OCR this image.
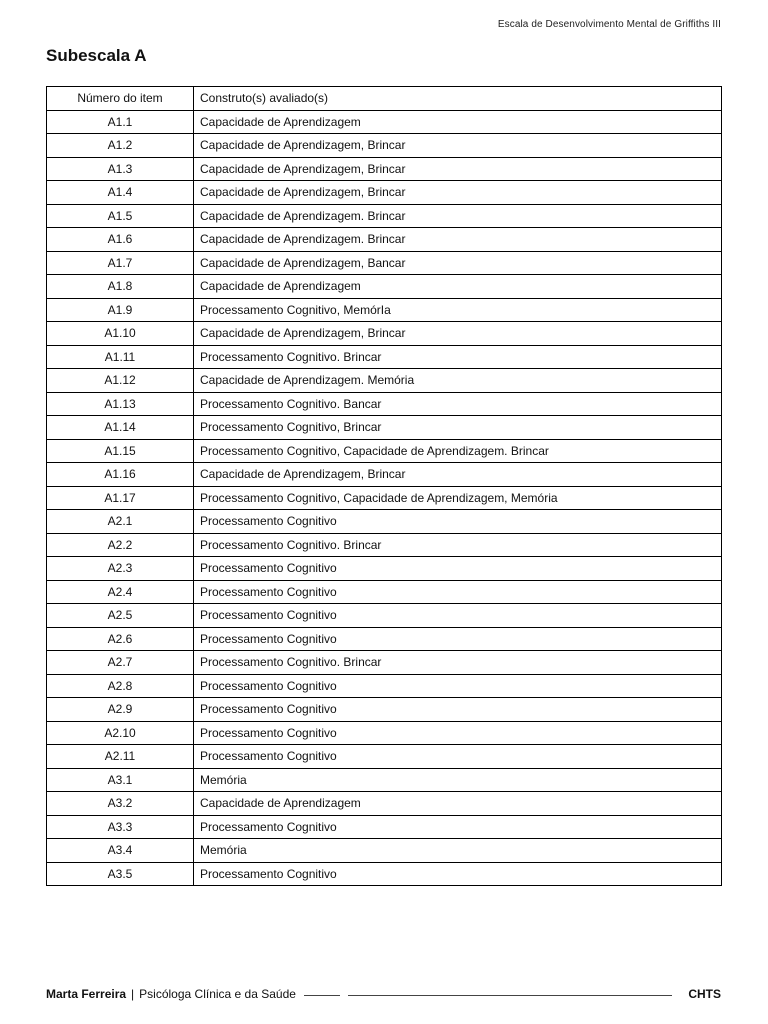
Escala de Desenvolvimento Mental de Griffiths III
Subescala A
Número do item	Construto(s) avaliado(s)
A1.1	Capacidade de Aprendizagem
A1.2	Capacidade de Aprendizagem, Brincar
A1.3	Capacidade de Aprendizagem, Brincar
A1.4	Capacidade de Aprendizagem, Brincar
A1.5	Capacidade de Aprendizagem. Brincar
A1.6	Capacidade de Aprendizagem. Brincar
A1.7	Capacidade de Aprendizagem, Bancar
A1.8	Capacidade de Aprendizagem
A1.9	Processamento Cognitivo, MemórIa
A1.10	Capacidade de Aprendizagem, Brincar
A1.11	Processamento Cognitivo. Brincar
A1.12	Capacidade de Aprendizagem. Memória
A1.13	Processamento Cognitivo. Bancar
A1.14	Processamento Cognitivo, Brincar
A1.15	Processamento Cognitivo, Capacidade de Aprendizagem. Brincar
A1.16	Capacidade de Aprendizagem, Brincar
A1.17	Processamento Cognitivo, Capacidade de Aprendizagem, Memória
A2.1	Processamento Cognitivo
A2.2	Processamento Cognitivo. Brincar
A2.3	Processamento Cognitivo
A2.4	Processamento Cognitivo
A2.5	Processamento Cognitivo
A2.6	Processamento Cognitivo
A2.7	Processamento Cognitivo. Brincar
A2.8	Processamento Cognitivo
A2.9	Processamento Cognitivo
A2.10	Processamento Cognitivo
A2.11	Processamento Cognitivo
A3.1	Memória
A3.2	Capacidade de Aprendizagem
A3.3	Processamento Cognitivo
A3.4	Memória
A3.5	Processamento Cognitivo
Marta Ferreira | Psicóloga Clínica e da Saúde	CHTS
